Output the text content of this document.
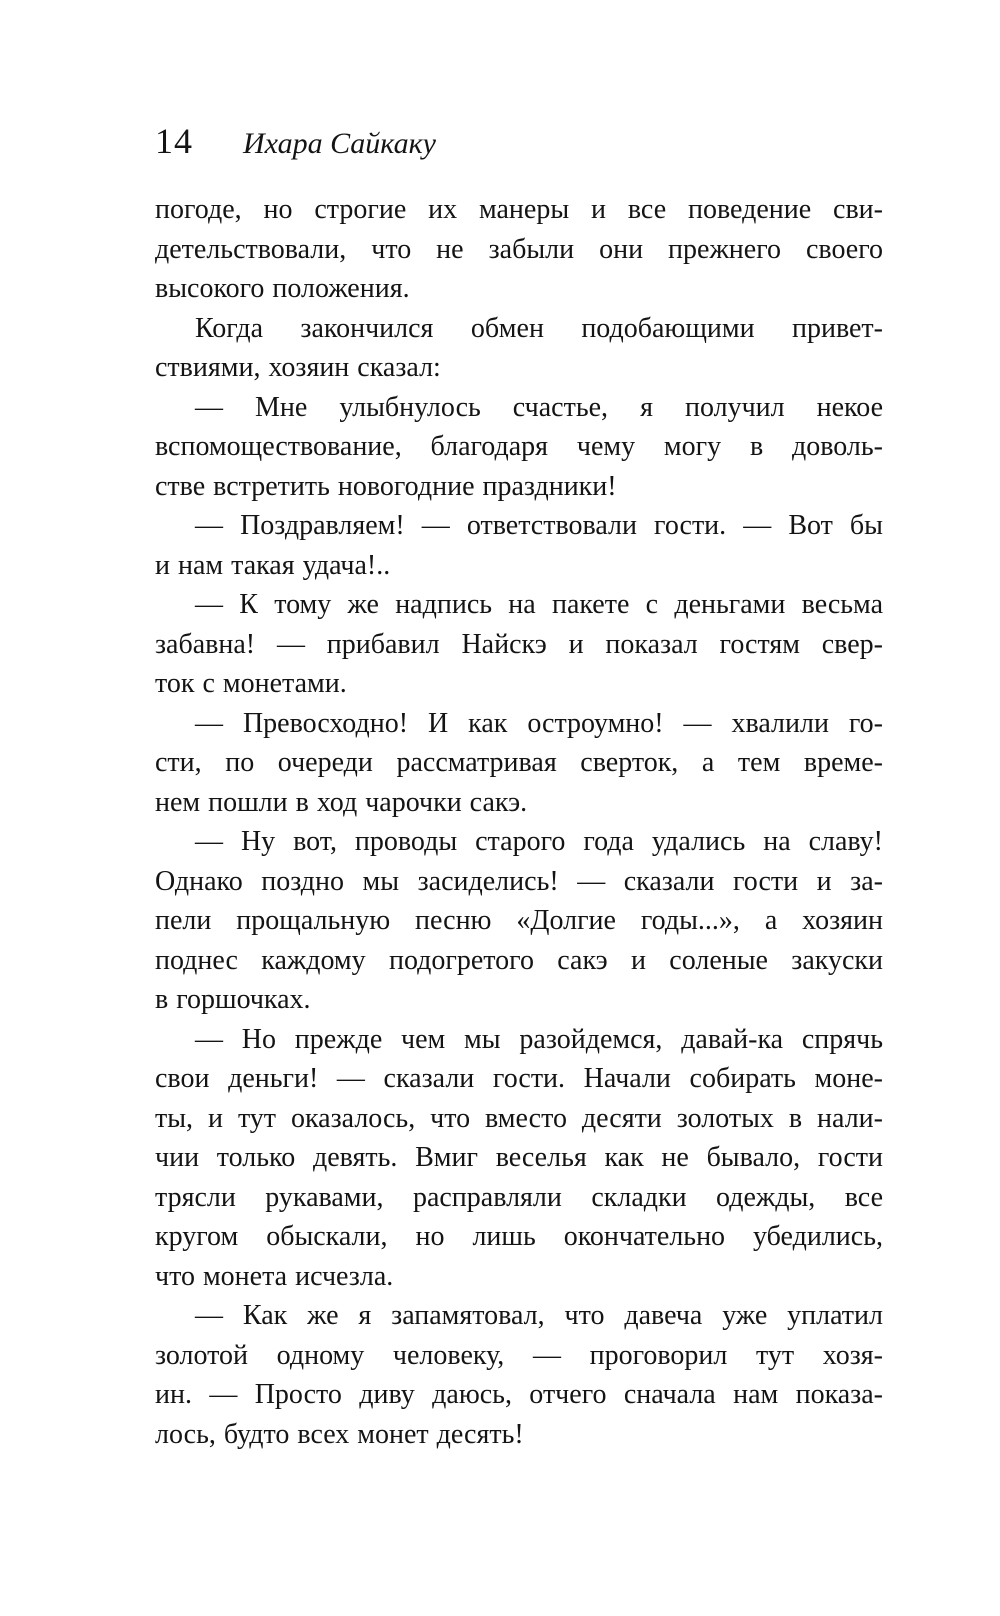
14 Ихара Сайкаку

погоде, но строгие их манеры и все поведение сви-
детельствовали, что не забыли они прежнего своего
высокого положения.

Когда закончился обмен подобающими привет-
ствиями, хозяин сказал:

— Мне улыбнулось счастье, я получил некое
вспомоществование, благодаря чему могу в доволь-
стве встретить новогодние праздники!

— Поздравляем! — ответствовали гости. — Вот бы
и нам такая удача!..

— К тому же надпись на пакете с деньгами весьма
забавна! — прибавил Найскэ и показал гостям свер-
ток с монетами.

— Превосходно! И как остроумно! — хвалили го-
сти, по очереди рассматривая сверток, а тем време-
нем пошли в ход чарочки сакэ.

— Ну вот, проводы старого года удались на славу!
Однако поздно мы засиделись! — сказали гости и за-
пели прощальную песню «Долгие годы...», а хозяин
поднес каждому подогретого сакэ и соленые закуски
в горшочках.

— Но прежде чем мы разойдемся, давай-ка спрячь
свои деньги! — сказали гости. Начали собирать моне-
ты, и тут оказалось, что вместо десяти золотых в нали-
чии только девять. Вмиг веселья как не бывало, гости
трясли рукавами, расправляли складки одежды, все
кругом обыскали, но лишь окончательно убедились,
что монета исчезла.

— Как же я запамятовал, что давеча уже уплатил
золотой одному человеку, — проговорил тут хозя-
ин. — Просто диву даюсь, отчего сначала нам показа-
лось, будто всех монет десять!
